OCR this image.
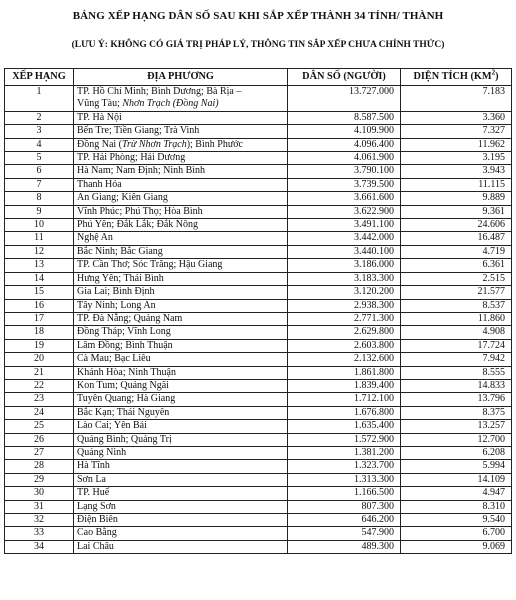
BẢNG XẾP HẠNG DÂN SỐ SAU KHI SẮP XẾP THÀNH 34 TỈNH/ THÀNH
(LƯU Ý: KHÔNG CÓ GIÁ TRỊ PHÁP LÝ, THÔNG TIN SẮP XẾP CHƯA CHÍNH THỨC)
XẾP HẠNG	ĐỊA PHƯƠNG	DÂN SỐ (NGƯỜI)	DIỆN TÍCH $(KM^2)$
1	TP. Hồ Chí Minh; Bình Dương; Bà Rịa –
Vũng Tàu; Nhơn Trạch (Đồng Nai)	13.727.000	7.183
2	TP. Hà Nội	8.587.500	3.360
3	Bến Tre; Tiền Giang; Trà Vinh	4.109.900	7.327
4	Đồng Nai (Trừ Nhơn Trạch); Bình Phước	4.096.400	11.962
5	TP. Hải Phòng; Hải Dương	4.061.900	3.195
6	Hà Nam; Nam Định; Ninh Bình	3.790.100	3.943
7	Thanh Hóa	3.739.500	11.115
8	An Giang; Kiên Giang	3.661.600	9.889
9	Vĩnh Phúc; Phú Thọ; Hòa Bình	3.622.900	9.361
10	Phú Yên; Đắk Lắk; Đắk Nông	3.491.100	24.606
11	Nghệ An	3.442.000	16.487
12	Bắc Ninh; Bắc Giang	3.440.100	4.719
13	TP. Cần Thơ; Sóc Trăng; Hậu Giang	3.186.000	6.361
14	Hưng Yên; Thái Bình	3.183.300	2.515
15	Gia Lai; Bình Định	3.120.200	21.577
16	Tây Ninh; Long An	2.938.300	8.537
17	TP. Đà Nẵng; Quảng Nam	2.771.300	11.860
18	Đồng Tháp; Vĩnh Long	2.629.800	4.908
19	Lâm Đồng; Bình Thuận	2.603.800	17.724
20	Cà Mau; Bạc Liêu	2.132.600	7.942
21	Khánh Hòa; Ninh Thuận	1.861.800	8.555
22	Kon Tum; Quảng Ngãi	1.839.400	14.833
23	Tuyên Quang; Hà Giang	1.712.100	13.796
24	Bắc Kạn; Thái Nguyên	1.676.800	8.375
25	Lào Cai; Yên Bái	1.635.400	13.257
26	Quảng Bình; Quảng Trị	1.572.900	12.700
27	Quảng Ninh	1.381.200	6.208
28	Hà Tĩnh	1.323.700	5.994
29	Sơn La	1.313.300	14.109
30	TP. Huế	1.166.500	4.947
31	Lạng Sơn	807.300	8.310
32	Điện Biên	646.200	9.540
33	Cao Bằng	547.900	6.700
34	Lai Châu	489.300	9.069
